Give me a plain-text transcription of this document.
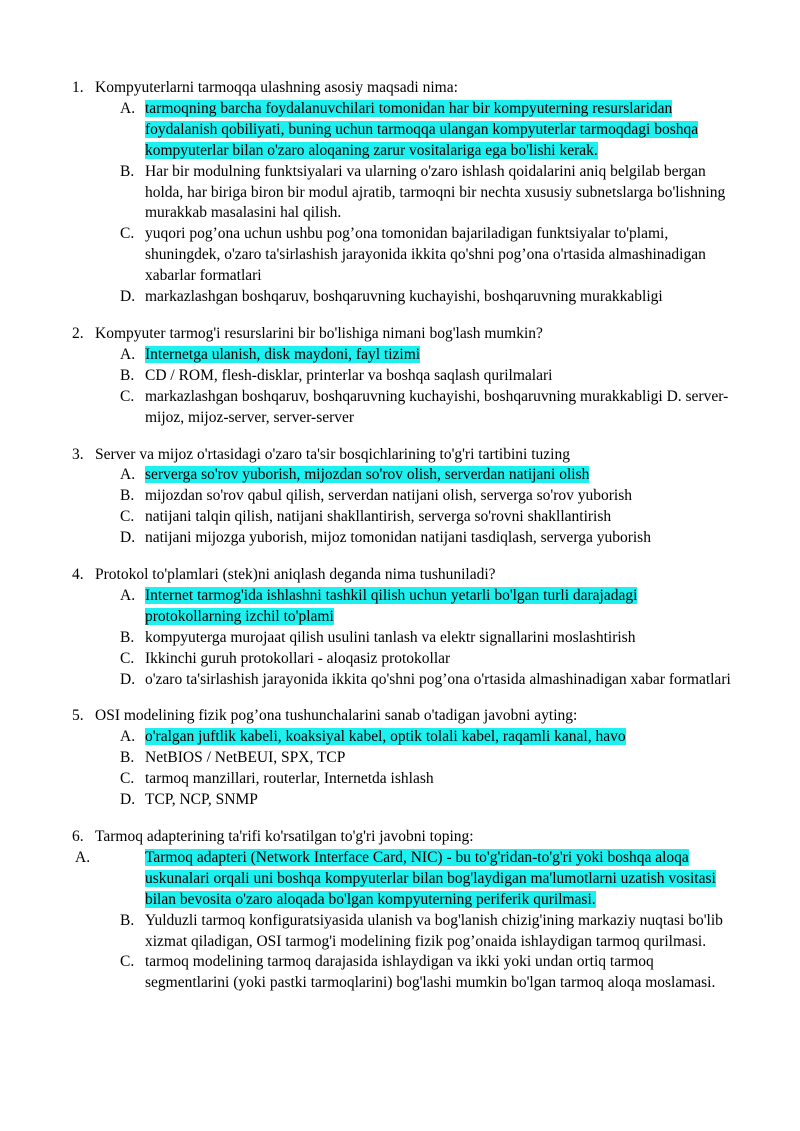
1. Kompyuterlarni tarmoqqa ulashning asosiy maqsadi nima:
A. tarmoqning barcha foydalanuvchilari tomonidan har bir kompyuterning resurslaridan foydalanish qobiliyati, buning uchun tarmoqqa ulangan kompyuterlar tarmoqdagi boshqa kompyuterlar bilan o'zaro aloqaning zarur vositalariga ega bo'lishi kerak.
B. Har bir modulning funktsiyalari va ularning o'zaro ishlash qoidalarini aniq belgilab bergan holda, har biriga biron bir modul ajratib, tarmoqni bir nechta xususiy subnetslarga bo'lishning murakkab masalasini hal qilish.
C. yuqori pog’ona uchun ushbu pog’ona tomonidan bajariladigan funktsiyalar to'plami, shuningdek, o'zaro ta'sirlashish jarayonida ikkita qo'shni pog’ona o'rtasida almashinadigan xabarlar formatlari
D. markazlashgan boshqaruv, boshqaruvning kuchayishi, boshqaruvning murakkabligi
2. Kompyuter tarmog'i resurslarini bir bo'lishiga nimani bog'lash mumkin?
A. Internetga ulanish, disk maydoni, fayl tizimi
B. CD / ROM, flesh-disklar, printerlar va boshqa saqlash qurilmalari
C. markazlashgan boshqaruv, boshqaruvning kuchayishi, boshqaruvning murakkabligi D. server-mijoz, mijoz-server, server-server
3. Server va mijoz o'rtasidagi o'zaro ta'sir bosqichlarining to'g'ri tartibini tuzing
A. serverga so'rov yuborish, mijozdan so'rov olish, serverdan natijani olish
B. mijozdan so'rov qabul qilish, serverdan natijani olish, serverga so'rov yuborish
C. natijani talqin qilish, natijani shakllantirish, serverga so'rovni shakllantirish
D. natijani mijozga yuborish, mijoz tomonidan natijani tasdiqlash, serverga yuborish
4. Protokol to'plamlari (stek)ni aniqlash deganda nima tushuniladi?
A. Internet tarmog'ida ishlashni tashkil qilish uchun yetarli bo'lgan turli darajadagi protokollarning izchil to'plami
B. kompyuterga murojaat qilish usulini tanlash va elektr signallarini moslashtirish
C. Ikkinchi guruh protokollari - aloqasiz protokollar
D. o'zaro ta'sirlashish jarayonida ikkita qo'shni pog’ona o'rtasida almashinadigan xabar formatlari
5. OSI modelining fizik pog’ona tushunchalarini sanab o'tadigan javobni ayting:
A. o'ralgan juftlik kabeli, koaksiyal kabel, optik tolali kabel, raqamli kanal, havo
B. NetBIOS / NetBEUI, SPX, TCP
C. tarmoq manzillari, routerlar, Internetda ishlash
D. TCP, NCP, SNMP
6. Tarmoq adapterining ta'rifi ko'rsatilgan to'g'ri javobni toping:
A.	Tarmoq adapteri (Network Interface Card, NIC) - bu to'g'ridan-to'g'ri yoki boshqa aloqa uskunalari orqali uni boshqa kompyuterlar bilan bog'laydigan ma'lumotlarni uzatish vositasi bilan bevosita o'zaro aloqada bo'lgan kompyuterning periferik qurilmasi.
B. Yulduzli tarmoq konfiguratsiyasida ulanish va bog'lanish chizig'ining markaziy nuqtasi bo'lib xizmat qiladigan, OSI tarmog'i modelining fizik pog’onaida ishlaydigan tarmoq qurilmasi.
C. tarmoq modelining tarmoq darajasida ishlaydigan va ikki yoki undan ortiq tarmoq segmentlarini (yoki pastki tarmoqlarini) bog'lashi mumkin bo'lgan tarmoq aloqa moslamasi.
